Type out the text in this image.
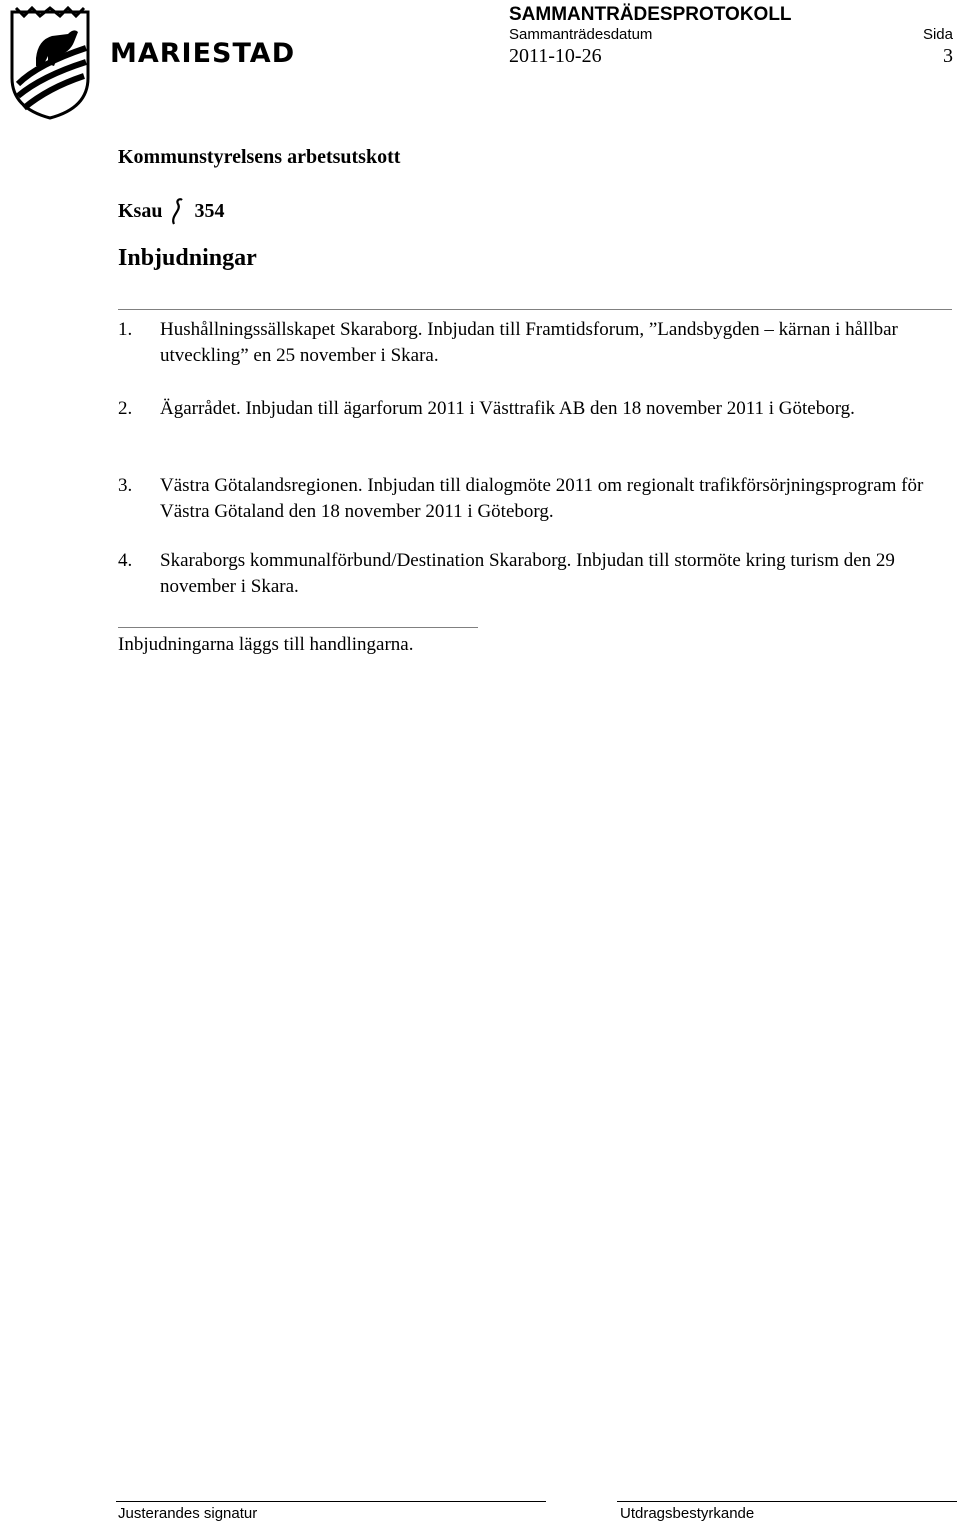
MARIESTAD
SAMMANTRÄDESPROTOKOLL
Sammanträdesdatum
2011-10-26
Sida
3
Kommunstyrelsens arbetsutskott
Ksau 354
Inbjudningar
1.	Hushållningssällskapet Skaraborg. Inbjudan till Framtidsforum, ”Landsbygden – kärnan i hållbar utveckling” en 25 november i Skara.
2.	Ägarrådet. Inbjudan till ägarforum 2011 i Västtrafik AB den 18 november 2011 i Göteborg.
3.	Västra Götalandsregionen. Inbjudan till dialogmöte 2011 om regionalt trafikförsörjningsprogram för Västra Götaland den 18 november 2011 i Göteborg.
4.	Skaraborgs kommunalförbund/Destination Skaraborg. Inbjudan till stormöte kring turism den 29 november i Skara.
Inbjudningarna läggs till handlingarna.
Justerandes signatur	Utdragsbestyrkande
